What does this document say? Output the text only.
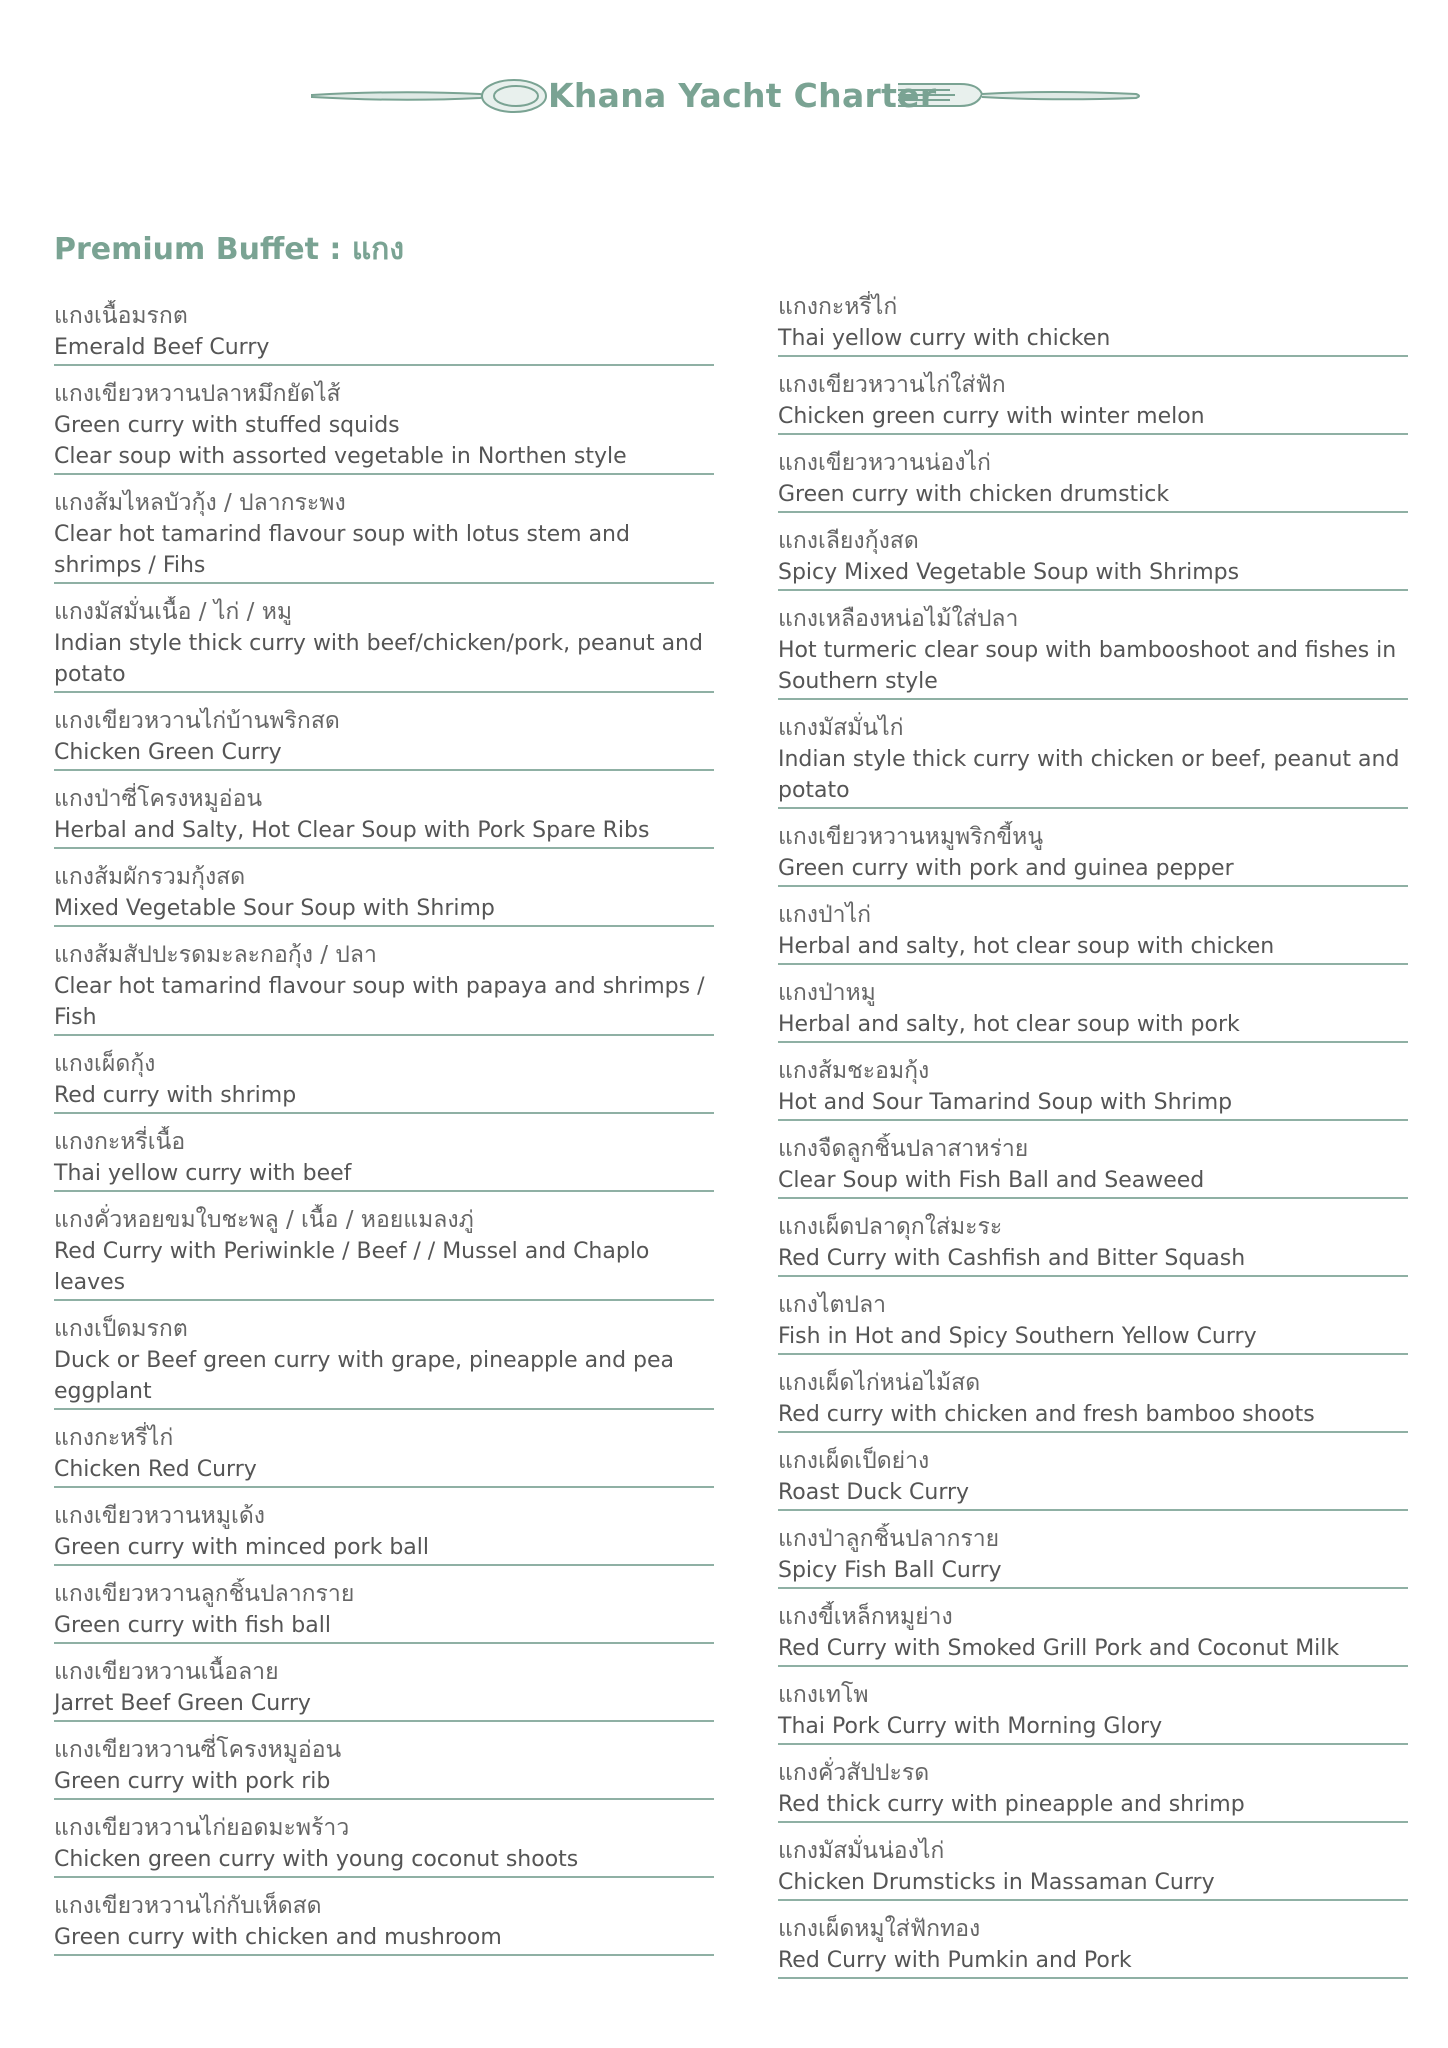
Khana Yacht Charter
Premium Buffet : แกง
แกงเนื้อมรกต
Emerald Beef Curry
แกงเขียวหวานปลาหมึกยัดไส้
Green curry with stuffed squids
Clear soup with assorted vegetable in Northen style
แกงส้มไหลบัวกุ้ง / ปลากระพง
Clear hot tamarind flavour soup with lotus stem and shrimps / Fihs
แกงมัสมั่นเนื้อ / ไก่ / หมู
Indian style thick curry with beef/chicken/pork, peanut and potato
แกงเขียวหวานไก่บ้านพริกสด
Chicken Green Curry
แกงป่าซี่โครงหมูอ่อน
Herbal and Salty, Hot Clear Soup with Pork Spare Ribs
แกงส้มผักรวมกุ้งสด
Mixed Vegetable Sour Soup with Shrimp
แกงส้มสัปปะรดมะละกอกุ้ง / ปลา
Clear hot tamarind flavour soup with papaya and shrimps / Fish
แกงเผ็ดกุ้ง
Red curry with shrimp
แกงกะหรี่เนื้อ
Thai yellow curry with beef
แกงคั่วหอยขมใบชะพลู / เนื้อ / หอยแมลงภู่
Red Curry with Periwinkle / Beef / / Mussel and Chaplo leaves
แกงเป็ดมรกต
Duck or Beef green curry with grape, pineapple and pea eggplant
แกงกะหรี่ไก่
Chicken Red Curry
แกงเขียวหวานหมูเด้ง
Green curry with minced pork ball
แกงเขียวหวานลูกชิ้นปลากราย
Green curry with fish ball
แกงเขียวหวานเนื้อลาย
Jarret Beef Green Curry
แกงเขียวหวานซี่โครงหมูอ่อน
Green curry with pork rib
แกงเขียวหวานไก่ยอดมะพร้าว
Chicken green curry with young coconut shoots
แกงเขียวหวานไก่กับเห็ดสด
Green curry with chicken and mushroom
แกงกะหรี่ไก่
Thai yellow curry with chicken
แกงเขียวหวานไก่ใส่ฟัก
Chicken green curry with winter melon
แกงเขียวหวานน่องไก่
Green curry with chicken drumstick
แกงเลียงกุ้งสด
Spicy Mixed Vegetable Soup with Shrimps
แกงเหลืองหน่อไม้ใส่ปลา
Hot turmeric clear soup with bambooshoot and fishes in Southern style
แกงมัสมั่นไก่
Indian style thick curry with chicken or beef, peanut and potato
แกงเขียวหวานหมูพริกขี้หนู
Green curry with pork and guinea pepper
แกงป่าไก่
Herbal and salty, hot clear soup with chicken
แกงป่าหมู
Herbal and salty, hot clear soup with pork
แกงส้มชะอมกุ้ง
Hot and Sour Tamarind Soup with Shrimp
แกงจืดลูกชิ้นปลาสาหร่าย
Clear Soup with Fish Ball and Seaweed
แกงเผ็ดปลาดุกใส่มะระ
Red Curry with Cashfish and Bitter Squash
แกงไตปลา
Fish in Hot and Spicy Southern Yellow Curry
แกงเผ็ดไก่หน่อไม้สด
Red curry with chicken and fresh bamboo shoots
แกงเผ็ดเป็ดย่าง
Roast Duck Curry
แกงป่าลูกชิ้นปลากราย
Spicy Fish Ball Curry
แกงขี้เหล็กหมูย่าง
Red Curry with Smoked Grill Pork and Coconut Milk
แกงเทโพ
Thai Pork Curry with Morning Glory
แกงคั่วสัปปะรด
Red thick curry with pineapple and shrimp
แกงมัสมั่นน่องไก่
Chicken Drumsticks in Massaman Curry
แกงเผ็ดหมูใส่ฟักทอง
Red Curry with Pumkin and Pork
